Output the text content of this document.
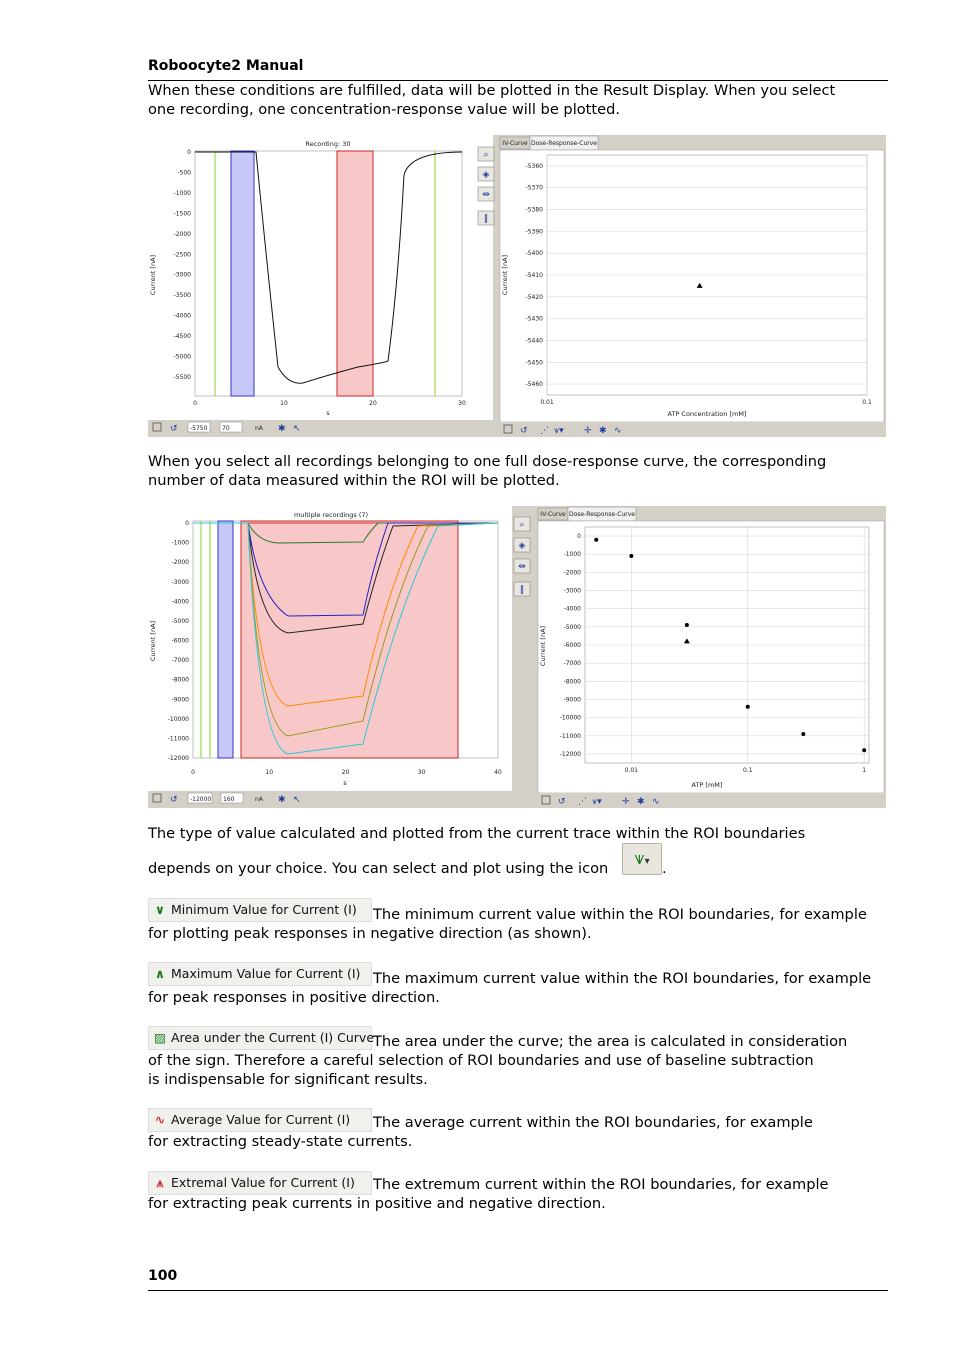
Roboocyte2 Manual
When these conditions are fulfilled, data will be plotted in the Result Display. When you select
one recording, one concentration-response value will be plotted.
Recording: 30
0
-500
-1000
-1500
-2000
-2500
-3000
-3500
-4000
-4500
-5000
-5500
0	10	20	30
Current [nA]
s
⌕
◈
⇹
‖
IV-Curve Dose-Response-Curve
-5360
-5370
-5380
-5390
-5400
-5410
-5420
-5430
-5440
-5450
-5460
0.01	0.1
Current [nA]
ATP Concentration [mM]
↺ -5750 70	nA ✱ ↖	↺ ⋰ ⩛▾ ✛ ✱ ∿
When you select all recordings belonging to one full dose-response curve, the corresponding
number of data measured within the ROI will be plotted.
multiple recordings (7)
0
-1000
-2000
-3000
-4000
-5000
-6000
-7000
-8000
-9000
-10000
-11000
-12000
0	10	20	30	40
Current [nA]
s
⌕
◈
⇹
‖
IV-Curve Dose-Response-Curve
0
-1000
-2000
-3000
-4000
-5000
-6000
-7000
-8000
-9000
-10000
-11000
-12000
0.01	0.1	1
Current [nA]
ATP [mM]
↺ -12000 160	nA ✱ ↖	↺ ⋰ ⩛▾ ✛ ✱ ∿
The type of value calculated and plotted from the current trace within the ROI boundaries
depends on your choice. You can select and plot using the icon	⩛▾ .
∨ Minimum Value for Current (I)	The minimum current value within the ROI boundaries, for example
for plotting peak responses in negative direction (as shown).
∧ Maximum Value for Current (I) The maximum current value within the ROI boundaries, for example
for peak responses in positive direction.
▨ Area under the Current (I) Curve
The area under the curve; the area is calculated in consideration
of the sign. Therefore a careful selection of ROI boundaries and use of baseline subtraction
is indispensable for significant results.
∿ Average Value for Current (I)	The average current within the ROI boundaries, for example
for extracting steady-state currents.
⩚ Extremal Value for Current (I)	The extremum current within the ROI boundaries, for example
for extracting peak currents in positive and negative direction.
100
